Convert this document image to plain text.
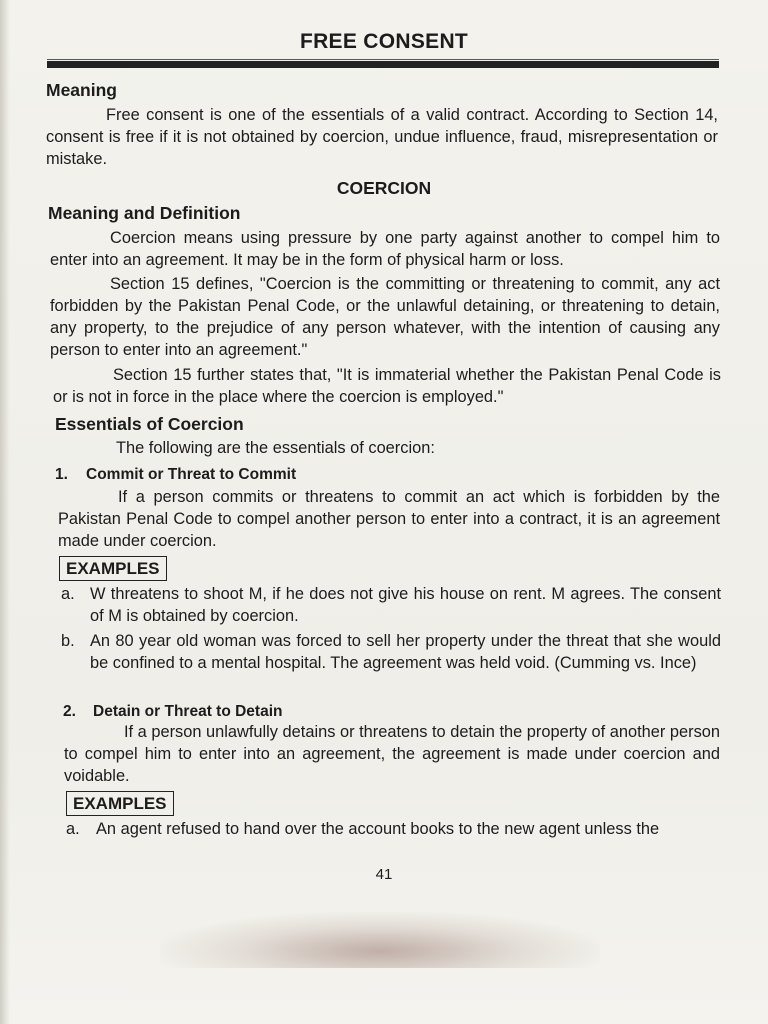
FREE CONSENT
Meaning
Free consent is one of the essentials of a valid contract. According to Section 14, consent is free if it is not obtained by coercion, undue influence, fraud, misrepresentation or mistake.
COERCION
Meaning and Definition
Coercion means using pressure by one party against another to compel him to enter into an agreement. It may be in the form of physical harm or loss.
Section 15 defines, "Coercion is the committing or threatening to commit, any act forbidden by the Pakistan Penal Code, or the unlawful detaining, or threatening to detain, any property, to the prejudice of any person whatever, with the intention of causing any person to enter into an agreement."
Section 15 further states that, "It is immaterial whether the Pakistan Penal Code is or is not in force in the place where the coercion is employed."
Essentials of Coercion
The following are the essentials of coercion:
1. Commit or Threat to Commit
If a person commits or threatens to commit an act which is forbidden by the Pakistan Penal Code to compel another person to enter into a contract, it is an agreement made under coercion.
EXAMPLES
a. W threatens to shoot M, if he does not give his house on rent. M agrees. The consent of M is obtained by coercion.
b. An 80 year old woman was forced to sell her property under the threat that she would be confined to a mental hospital. The agreement was held void. (Cumming vs. Ince)
2. Detain or Threat to Detain
If a person unlawfully detains or threatens to detain the property of another person to compel him to enter into an agreement, the agreement is made under coercion and voidable.
EXAMPLES
a. An agent refused to hand over the account books to the new agent unless the
41
